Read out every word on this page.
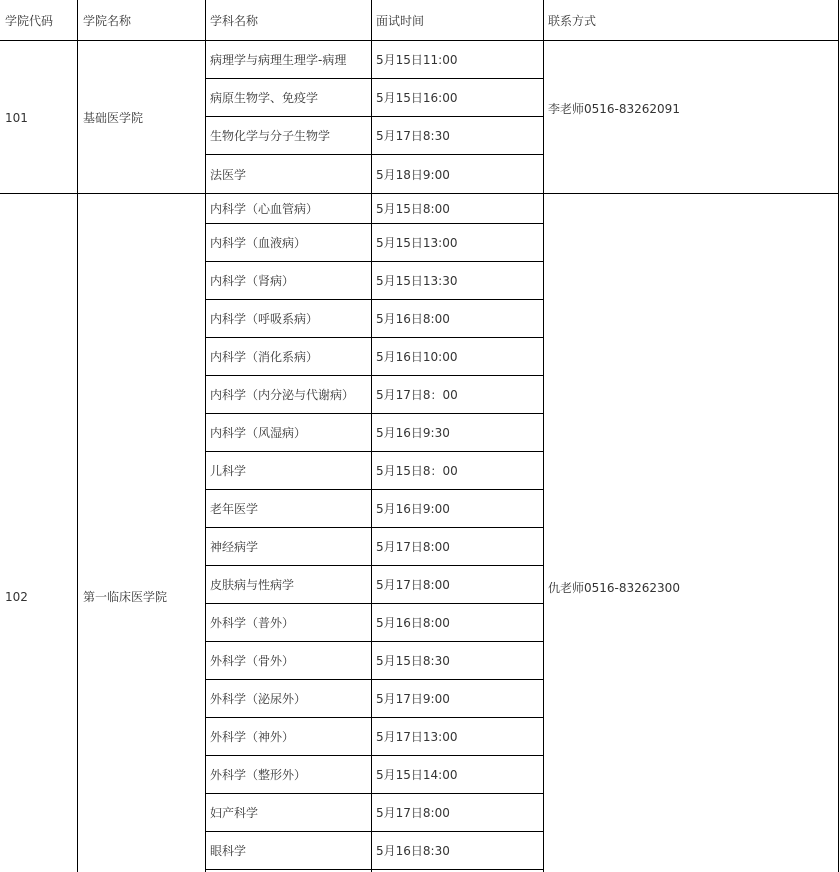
学院代码	学院名称	学科名称	面试时间	联系方式
101	基础医学院
李老师0516-83262091
病理学与病理生理学-病理	5月15日11:00
病原生物学、免疫学	5月15日16:00
生物化学与分子生物学	5月17日8:30
法医学	5月18日9:00
102	第一临床医学院
仇老师0516-83262300
内科学（心血管病）	5月15日8:00
内科学（血液病）	5月15日13:00
内科学（肾病）	5月15日13:30
内科学（呼吸系病）	5月16日8:00
内科学（消化系病）	5月16日10:00
内科学（内分泌与代谢病）	5月17日8：00
内科学（风湿病）	5月16日9:30
儿科学	5月15日8：00
老年医学	5月16日9:00
神经病学	5月17日8:00
皮肤病与性病学	5月17日8:00
外科学（普外）	5月16日8:00
外科学（骨外）	5月15日8:30
外科学（泌尿外）	5月17日9:00
外科学（神外）	5月17日13:00
外科学（整形外）	5月15日14:00
妇产科学	5月17日8:00
眼科学	5月16日8:30
